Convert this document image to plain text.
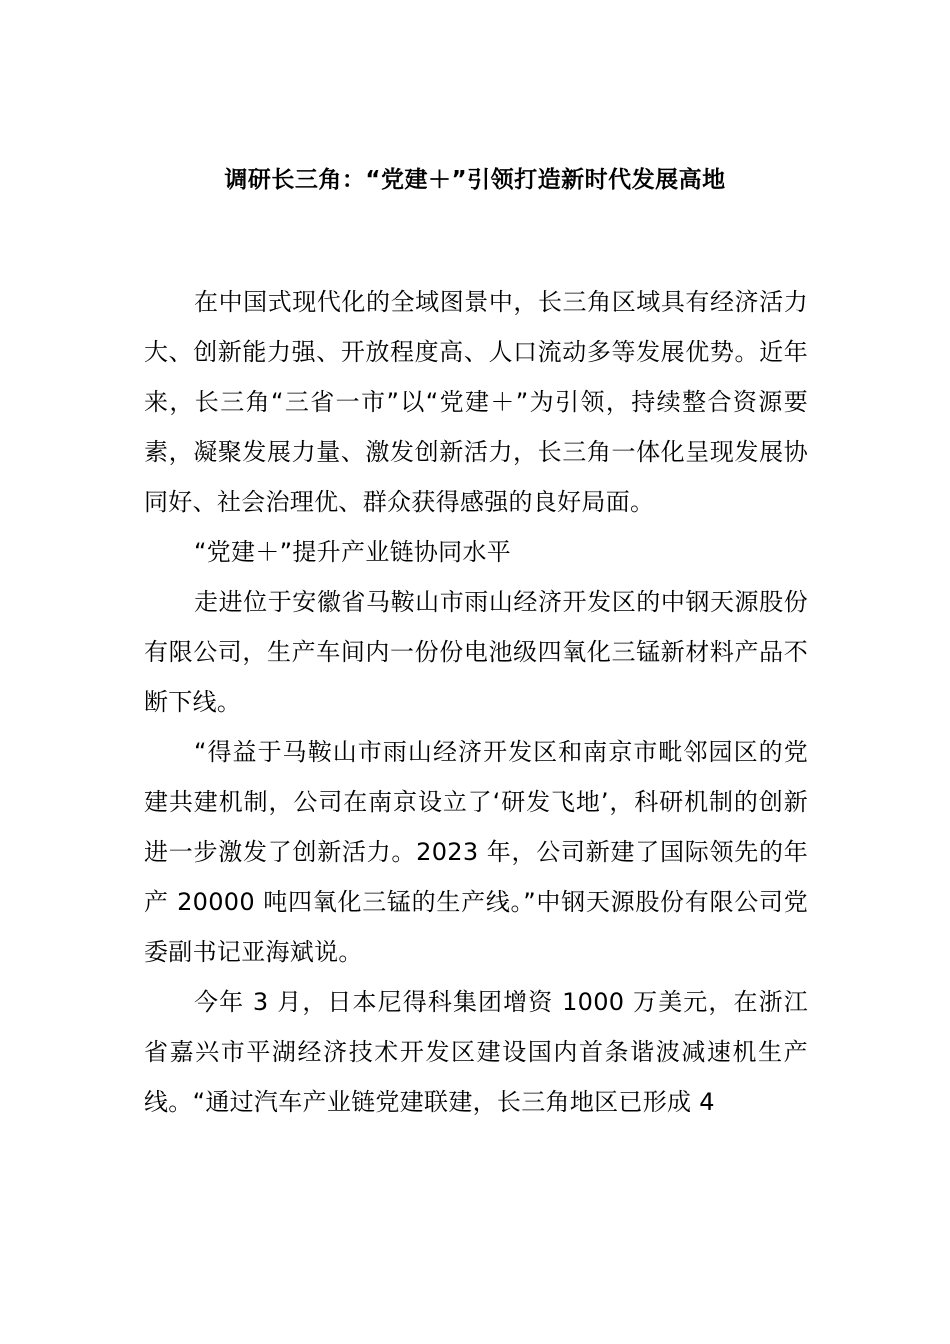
调研长三角：“党建＋”引领打造新时代发展高地

在中国式现代化的全域图景中，长三角区域具有经济活力大、创新能力强、开放程度高、人口流动多等发展优势。近年来，长三角“三省一市”以“党建＋”为引领，持续整合资源要素，凝聚发展力量、激发创新活力，长三角一体化呈现发展协同好、社会治理优、群众获得感强的良好局面。

“党建＋”提升产业链协同水平

走进位于安徽省马鞍山市雨山经济开发区的中钢天源股份有限公司，生产车间内一份份电池级四氧化三锰新材料产品不断下线。

“得益于马鞍山市雨山经济开发区和南京市毗邻园区的党建共建机制，公司在南京设立了‘研发飞地’，科研机制的创新进一步激发了创新活力。2023 年，公司新建了国际领先的年产 20000 吨四氧化三锰的生产线。”中钢天源股份有限公司党委副书记亚海斌说。

今年 3 月，日本尼得科集团增资 1000 万美元，在浙江省嘉兴市平湖经济技术开发区建设国内首条谐波减速机生产线。“通过汽车产业链党建联建，长三角地区已形成 4
